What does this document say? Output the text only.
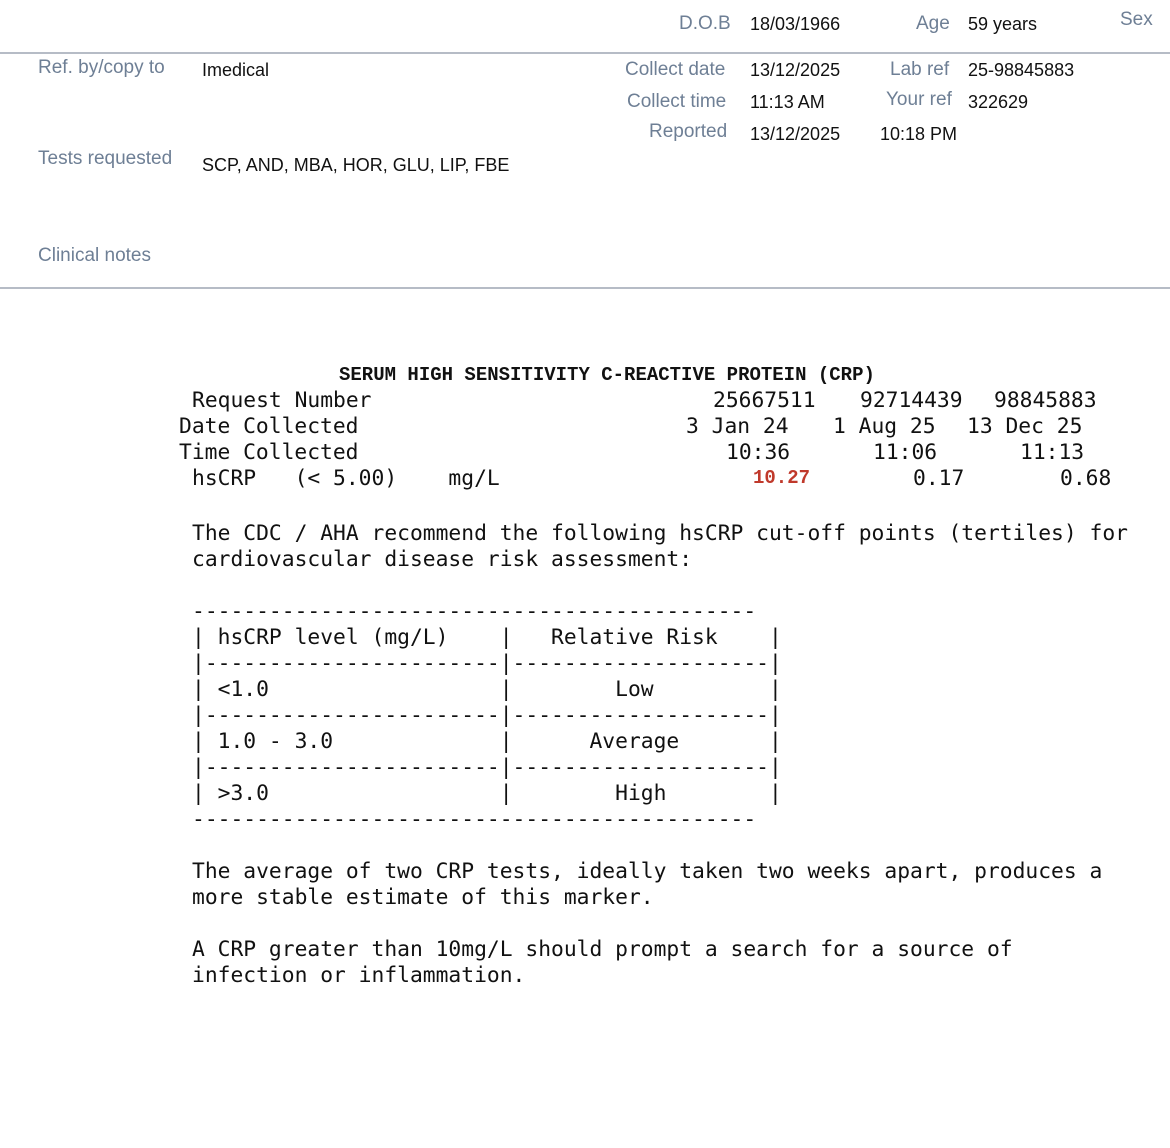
D.O.B 18/03/1966	Age 59 years	Sex
Ref. by/copy to Imedical
Tests requested SCP, AND, MBA, HOR, GLU, LIP, FBE
Clinical notes
Collect date 13/12/2025
Collect time 11:13 AM
Reported 13/12/2025 10:18 PM
Lab ref 25-98845883
Your ref 322629
SERUM HIGH SENSITIVITY C-REACTIVE PROTEIN (CRP)
Request Number	25667511 92714439 98845883
Date Collected	3 Jan 24 1 Aug 25 13 Dec 25
Time Collected	10:36	11:06	11:13
hsCRP   (< 5.00)    mg/L	10.27	0.17	0.68
The CDC / AHA recommend the following hsCRP cut-off points (tertiles) for
cardiovascular disease risk assessment:

--------------------------------------------
| hsCRP level (mg/L)    |   Relative Risk    |
|-----------------------|--------------------|
| <1.0                  |        Low         |
|-----------------------|--------------------|
| 1.0 - 3.0             |      Average       |
|-----------------------|--------------------|
| >3.0                  |        High        |
--------------------------------------------

The average of two CRP tests, ideally taken two weeks apart, produces a
more stable estimate of this marker.

A CRP greater than 10mg/L should prompt a search for a source of
infection or inflammation.
